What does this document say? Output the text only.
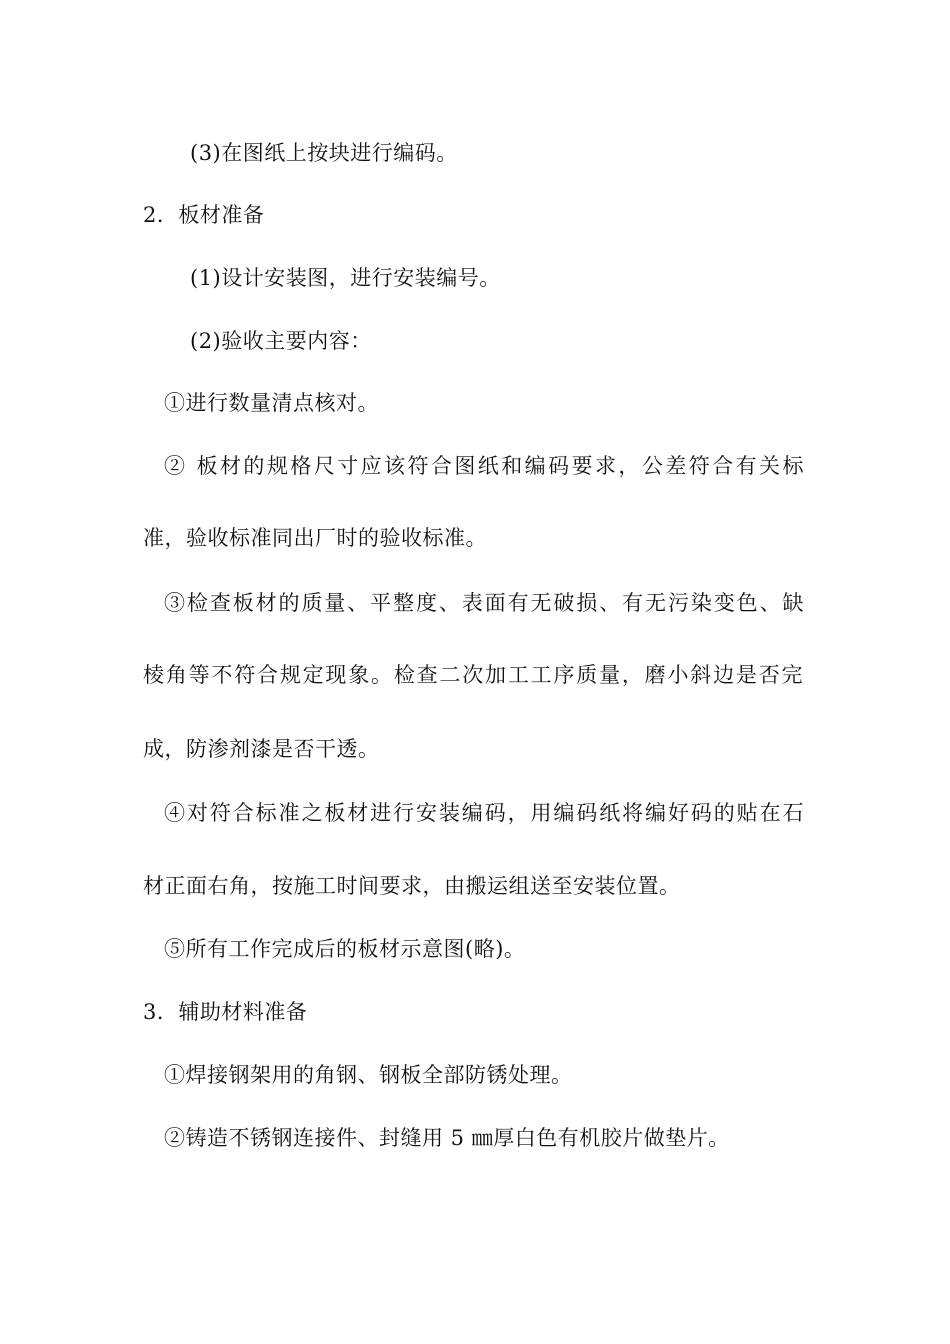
(3)在图纸上按块进行编码。
2．板材准备
(1)设计安装图，进行安装编号。
(2)验收主要内容：
①进行数量清点核对。
② 板材的规格尺寸应该符合图纸和编码要求，公差符合有关标
准，验收标准同出厂时的验收标准。
③检查板材的质量、平整度、表面有无破损、有无污染变色、缺
棱角等不符合规定现象。检查二次加工工序质量，磨小斜边是否完
成，防渗剂漆是否干透。
④对符合标准之板材进行安装编码，用编码纸将编好码的贴在石
材正面右角，按施工时间要求，由搬运组送至安装位置。
⑤所有工作完成后的板材示意图(略)。
3．辅助材料准备
①焊接钢架用的角钢、钢板全部防锈处理。
②铸造不锈钢连接件、封缝用 5 ㎜厚白色有机胶片做垫片。
